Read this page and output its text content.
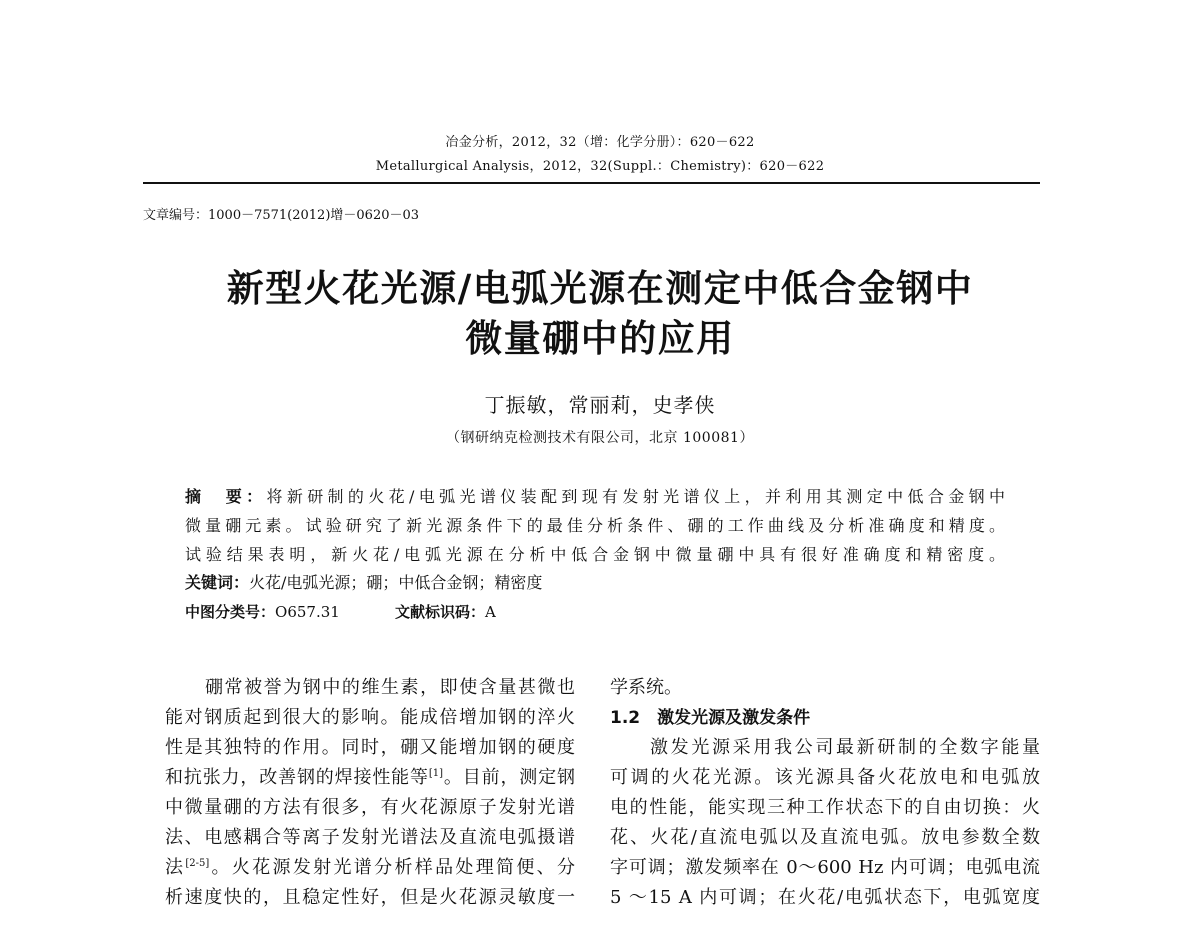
冶金分析，2012，32（增：化学分册）：620－622
Metallurgical Analysis，2012，32(Suppl.：Chemistry)：620－622
文章编号：1000－7571(2012)增－0620－03
新型火花光源/电弧光源在测定中低合金钢中
微量硼中的应用
丁振敏，常丽莉，史孝侠
（钢研纳克检测技术有限公司，北京 100081）
摘　要：将新研制的火花/电弧光谱仪装配到现有发射光谱仪上，并利用其测定中低合金钢中
微量硼元素。试验研究了新光源条件下的最佳分析条件、硼的工作曲线及分析准确度和精度。
试验结果表明，新火花/电弧光源在分析中低合金钢中微量硼中具有很好准确度和精密度。
关键词：火花/电弧光源；硼；中低合金钢；精密度
中图分类号：O657.31	文献标识码：A
硼常被誉为钢中的维生素，即使含量甚微也
能对钢质起到很大的影响。能成倍增加钢的淬火
性是其独特的作用。同时，硼又能增加钢的硬度
和抗张力，改善钢的焊接性能等[1]。目前，测定钢
中微量硼的方法有很多，有火花源原子发射光谱
法、电感耦合等离子发射光谱法及直流电弧摄谱
法[2-5]。火花源发射光谱分析样品处理简便、分
析速度快的，且稳定性好，但是火花源灵敏度一
学系统。
1.2　激发光源及激发条件
激发光源采用我公司最新研制的全数字能量
可调的火花光源。该光源具备火花放电和电弧放
电的性能，能实现三种工作状态下的自由切换：火
花、火花/直流电弧以及直流电弧。放电参数全数
字可调；激发频率在 0～600 Hz 内可调；电弧电流
5 ～15 A 内可调；在火花/电弧状态下，电弧宽度
